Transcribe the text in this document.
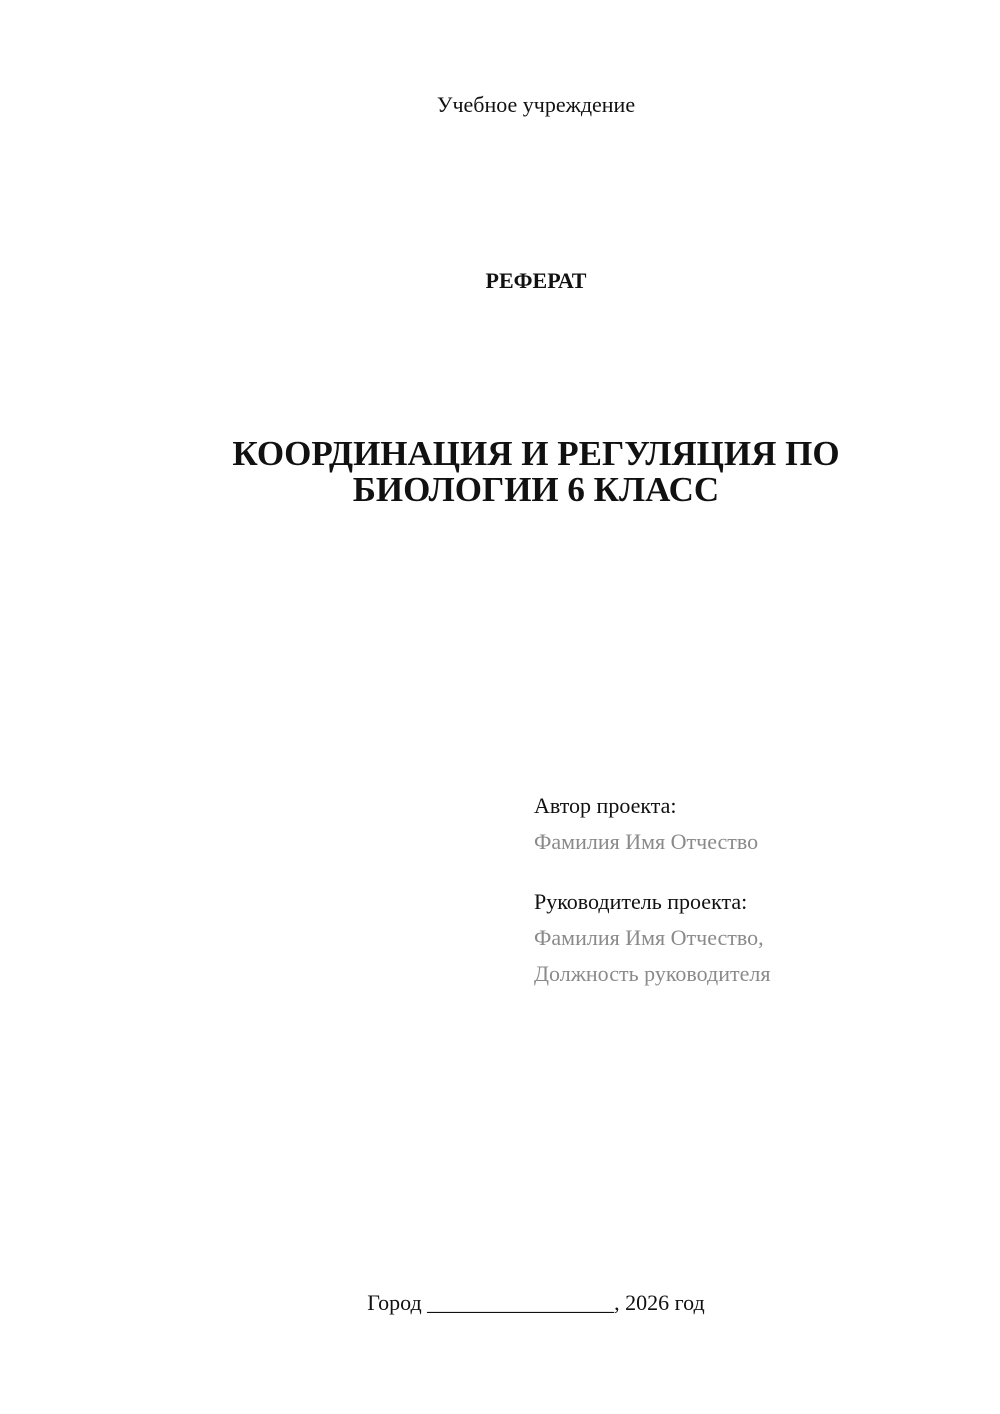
Учебное учреждение
РЕФЕРАТ
КООРДИНАЦИЯ И РЕГУЛЯЦИЯ ПО
БИОЛОГИИ 6 КЛАСС
Автор проекта:
Фамилия Имя Отчество
Руководитель проекта:
Фамилия Имя Отчество,
Должность руководителя
Город _________________, 2026 год
